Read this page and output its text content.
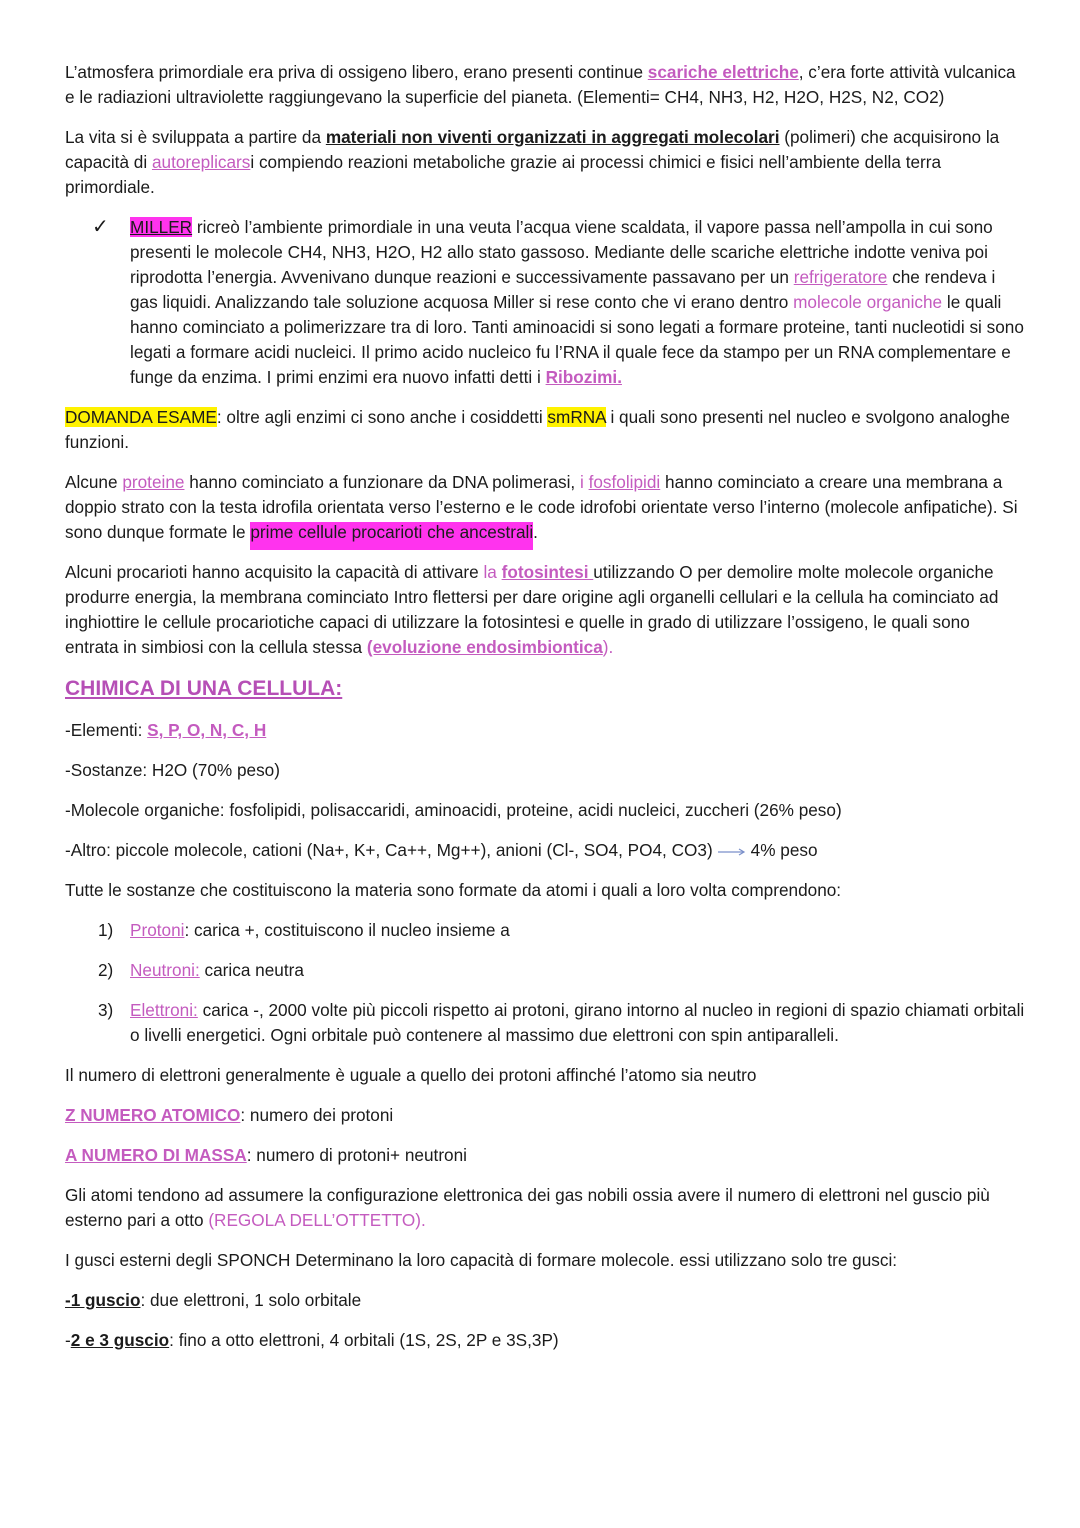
L’atmosfera primordiale era priva di ossigeno libero, erano presenti continue scariche elettriche, c’era forte attività vulcanica e le radiazioni ultraviolette raggiungevano la superficie del pianeta. (Elementi= CH4, NH3, H2, H2O, H2S, N2, CO2)

La vita si è sviluppata a partire da materiali non viventi organizzati in aggregati molecolari (polimeri) che acquisirono la capacità di autoreplicarsi compiendo reazioni metaboliche grazie ai processi chimici e fisici nell’ambiente della terra primordiale.

✓ MILLER ricreò l’ambiente primordiale in una veuta l’acqua viene scaldata, il vapore passa nell’ampolla in cui sono presenti le molecole CH4, NH3, H2O, H2 allo stato gassoso. Mediante delle scariche elettriche indotte veniva poi riprodotta l’energia. Avvenivano dunque reazioni e successivamente passavano per un refrigeratore che rendeva i gas liquidi. Analizzando tale soluzione acquosa Miller si rese conto che vi erano dentro molecole organiche le quali hanno cominciato a polimerizzare tra di loro. Tanti aminoacidi si sono legati a formare proteine, tanti nucleotidi si sono legati a formare acidi nucleici. Il primo acido nucleico fu l’RNA il quale fece da stampo per un RNA complementare e funge da enzima. I primi enzimi era nuovo infatti detti i Ribozimi.

DOMANDA ESAME: oltre agli enzimi ci sono anche i cosiddetti smRNA i quali sono presenti nel nucleo e svolgono analoghe funzioni.

Alcune proteine hanno cominciato a funzionare da DNA polimerasi, i fosfolipidi hanno cominciato a creare una membrana a doppio strato con la testa idrofila orientata verso l’esterno e le code idrofobi orientate verso l’interno (molecole anfipatiche). Si sono dunque formate le prime cellule procarioti che ancestrali.

Alcuni procarioti hanno acquisito la capacità di attivare la fotosintesi utilizzando O per demolire molte molecole organiche produrre energia, la membrana cominciato Intro flettersi per dare origine agli organelli cellulari e la cellula ha cominciato ad inghiottire le cellule procariotiche capaci di utilizzare la fotosintesi e quelle in grado di utilizzare l’ossigeno, le quali sono entrata in simbiosi con la cellula stessa (evoluzione endosimbiontica).

CHIMICA DI UNA CELLULA:

-Elementi: S, P, O, N, C, H

-Sostanze: H2O (70% peso)

-Molecole organiche: fosfolipidi, polisaccaridi, aminoacidi, proteine, acidi nucleici, zuccheri (26% peso)

-Altro: piccole molecole, cationi (Na+, K+, Ca++, Mg++), anioni (Cl-, SO4, PO4, CO3) 4% peso

Tutte le sostanze che costituiscono la materia sono formate da atomi i quali a loro volta comprendono:

1) Protoni: carica +, costituiscono il nucleo insieme a
2) Neutroni: carica neutra
3) Elettroni: carica -, 2000 volte più piccoli rispetto ai protoni, girano intorno al nucleo in regioni di spazio chiamati orbitali o livelli energetici. Ogni orbitale può contenere al massimo due elettroni con spin antiparalleli.

Il numero di elettroni generalmente è uguale a quello dei protoni affinché l’atomo sia neutro

Z NUMERO ATOMICO: numero dei protoni

A NUMERO DI MASSA: numero di protoni+ neutroni

Gli atomi tendono ad assumere la configurazione elettronica dei gas nobili ossia avere il numero di elettroni nel guscio più esterno pari a otto (REGOLA DELL’OTTETTO).

I gusci esterni degli SPONCH Determinano la loro capacità di formare molecole. essi utilizzano solo tre gusci:

-1 guscio: due elettroni, 1 solo orbitale

-2 e 3 guscio: fino a otto elettroni, 4 orbitali (1S, 2S, 2P e 3S,3P)
